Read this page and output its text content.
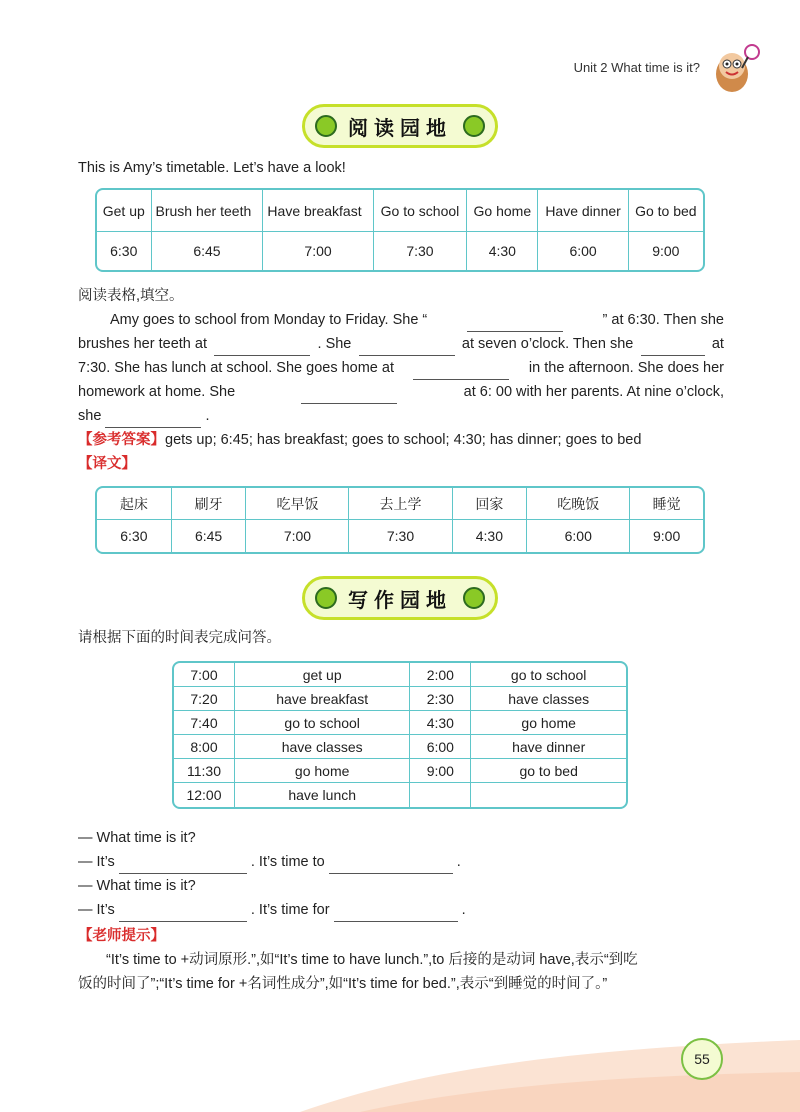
Unit 2 What time is it?
阅读园地
This is Amy’s timetable. Let’s have a look!
Get up	Brush her teeth	Have breakfast	Go to school	Go home	Have dinner	Go to bed
6:30	6:45	7:00	7:30	4:30	6:00	9:00
阅读表格,填空。
Amy goes to school from Monday to Friday. She “	” at 6:30. Then she
brushes her teeth at	. She	at seven o’clock. Then she	at
7:30. She has lunch at school. She goes home at	in the afternoon. She does her
homework at home. She	at 6: 00 with her parents. At nine o’clock,
she	.
【参考答案】gets up; 6:45; has breakfast; goes to school; 4:30; has dinner; goes to bed
【译文】
起床	刷牙	吃早饭	去上学	回家	吃晚饭	睡觉
6:30	6:45	7:00	7:30	4:30	6:00	9:00
写作园地
请根据下面的时间表完成问答。
7:00	get up	2:00	go to school
7:20	have breakfast	2:30	have classes
7:40	go to school	4:30	go home
8:00	have classes	6:00	have dinner
11:30	go home	9:00	go to bed
12:00	have lunch		
— What time is it?
— It’s	. It’s time to	.
— What time is it?
— It’s	. It’s time for	.
【老师提示】
“It’s time to +动词原形.”,如“It’s time to have lunch.”,to 后接的是动词 have,表示“到吃
饭的时间了”;“It’s time for +名词性成分”,如“It’s time for bed.”,表示“到睡觉的时间了。”
55
